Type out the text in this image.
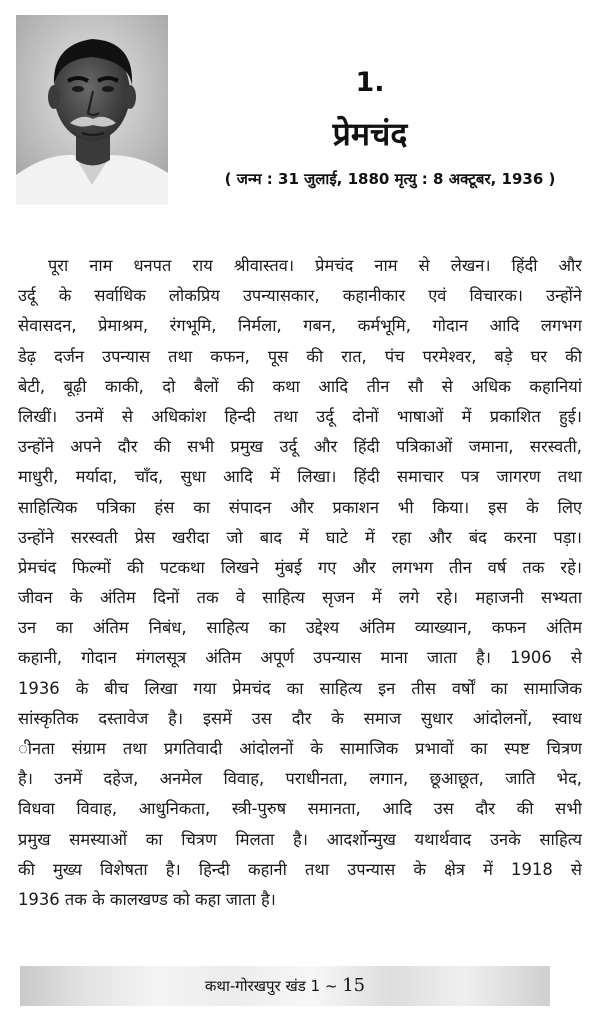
1.
प्रेमचंद
( जन्म : 31 जुलाई, 1880 मृत्यु : 8 अक्टूबर, 1936 )
पूरा नाम धनपत राय श्रीवास्तव। प्रेमचंद नाम से लेखन। हिंदी और
उर्दू के सर्वाधिक लोकप्रिय उपन्यासकार, कहानीकार एवं विचारक। उन्होंने
सेवासदन, प्रेमाश्रम, रंगभूमि, निर्मला, गबन, कर्मभूमि, गोदान आदि लगभग
डेढ़ दर्जन उपन्यास तथा कफन, पूस की रात, पंच परमेश्वर, बड़े घर की
बेटी, बूढ़ी काकी, दो बैलों की कथा आदि तीन सौ से अधिक कहानियां
लिखीं। उनमें से अधिकांश हिन्दी तथा उर्दू दोनों भाषाओं में प्रकाशित हुई।
उन्होंने अपने दौर की सभी प्रमुख उर्दू और हिंदी पत्रिकाओं जमाना, सरस्वती,
माधुरी, मर्यादा, चाँद, सुधा आदि में लिखा। हिंदी समाचार पत्र जागरण तथा
साहित्यिक पत्रिका हंस का संपादन और प्रकाशन भी किया। इस के लिए
उन्होंने सरस्वती प्रेस खरीदा जो बाद में घाटे में रहा और बंद करना पड़ा।
प्रेमचंद फिल्मों की पटकथा लिखने मुंबई गए और लगभग तीन वर्ष तक रहे।
जीवन के अंतिम दिनों तक वे साहित्य सृजन में लगे रहे। महाजनी सभ्यता
उन का अंतिम निबंध, साहित्य का उद्देश्य अंतिम व्याख्यान, कफन अंतिम
कहानी, गोदान मंगलसूत्र अंतिम अपूर्ण उपन्यास माना जाता है। 1906 से
1936 के बीच लिखा गया प्रेमचंद का साहित्य इन तीस वर्षों का सामाजिक
सांस्कृतिक दस्तावेज है। इसमें उस दौर के समाज सुधार आंदोलनों, स्वाध
ीनता संग्राम तथा प्रगतिवादी आंदोलनों के सामाजिक प्रभावों का स्पष्ट चित्रण
है। उनमें दहेज, अनमेल विवाह, पराधीनता, लगान, छूआछूत, जाति भेद,
विधवा विवाह, आधुनिकता, स्त्री-पुरुष समानता, आदि उस दौर की सभी
प्रमुख समस्याओं का चित्रण मिलता है। आदर्शोन्मुख यथार्थवाद उनके साहित्य
की मुख्य विशेषता है। हिन्दी कहानी तथा उपन्यास के क्षेत्र में 1918 से
1936 तक के कालखण्ड को कहा जाता है।
कथा-गोरखपुर खंड 1 ~ 15
